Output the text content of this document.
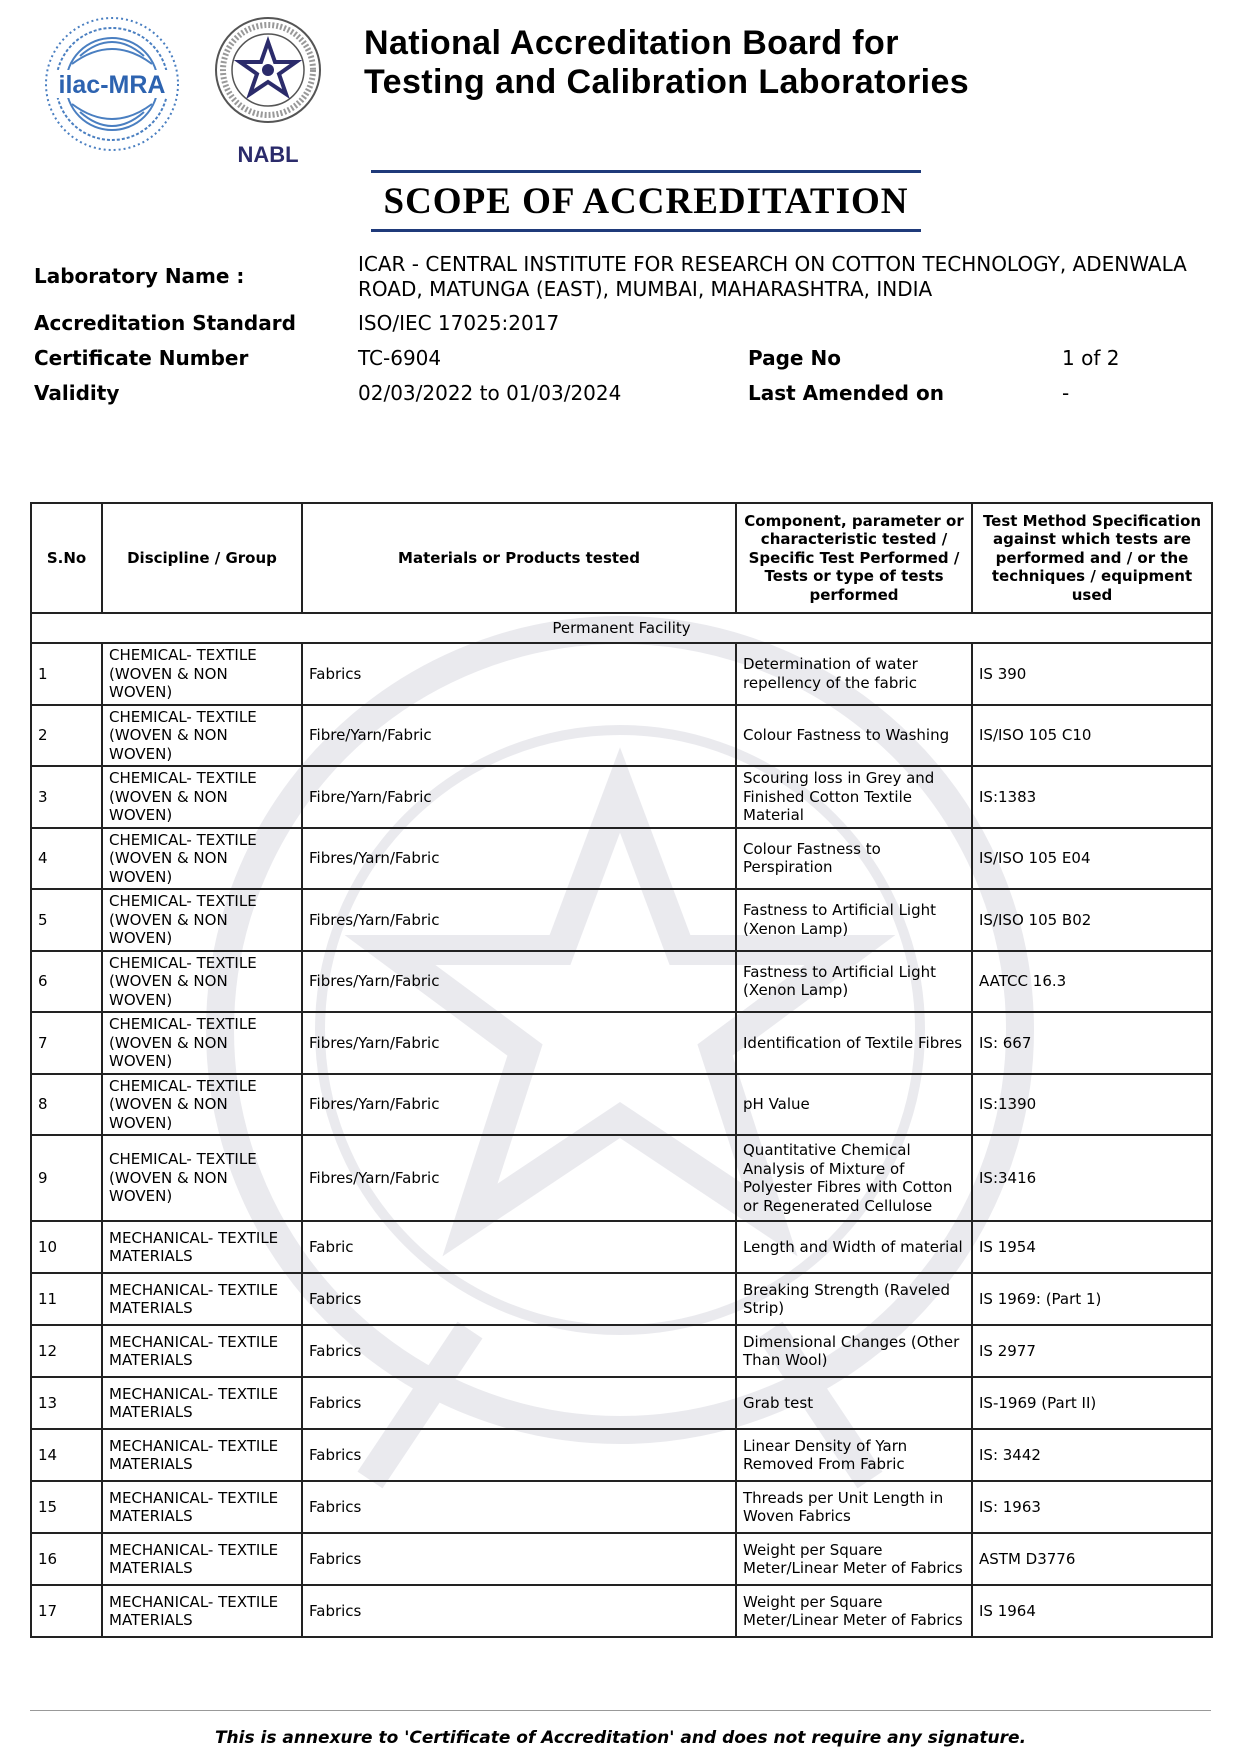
ilac-MRA
NABL
National Accreditation Board for
Testing and Calibration Laboratories
SCOPE OF ACCREDITATION
Laboratory Name :	ICAR - CENTRAL INSTITUTE FOR RESEARCH ON COTTON TECHNOLOGY, ADENWALA
ROAD, MATUNGA (EAST), MUMBAI, MAHARASHTRA, INDIA
Accreditation Standard	ISO/IEC 17025:2017
Certificate Number	TC-6904	Page No	1 of 2
Validity	02/03/2022 to 01/03/2024	Last Amended on	-
S.No	Discipline / Group	Materials or Products tested	Component, parameter or characteristic tested / Specific Test Performed / Tests or type of tests performed	Test Method Specification against which tests are performed and / or the techniques / equipment used
Permanent Facility				
1	CHEMICAL- TEXTILE (WOVEN & NON WOVEN)	Fabrics	Determination of water repellency of the fabric	IS 390
2	CHEMICAL- TEXTILE (WOVEN & NON WOVEN)	Fibre/Yarn/Fabric	Colour Fastness to Washing	IS/ISO 105 C10
3	CHEMICAL- TEXTILE (WOVEN & NON WOVEN)	Fibre/Yarn/Fabric	Scouring loss in Grey and Finished Cotton Textile Material	IS:1383
4	CHEMICAL- TEXTILE (WOVEN & NON WOVEN)	Fibres/Yarn/Fabric	Colour Fastness to Perspiration	IS/ISO 105 E04
5	CHEMICAL- TEXTILE (WOVEN & NON WOVEN)	Fibres/Yarn/Fabric	Fastness to Artificial Light (Xenon Lamp)	IS/ISO 105 B02
6	CHEMICAL- TEXTILE (WOVEN & NON WOVEN)	Fibres/Yarn/Fabric	Fastness to Artificial Light (Xenon Lamp)	AATCC 16.3
7	CHEMICAL- TEXTILE (WOVEN & NON WOVEN)	Fibres/Yarn/Fabric	Identification of Textile Fibres	IS: 667
8	CHEMICAL- TEXTILE (WOVEN & NON WOVEN)	Fibres/Yarn/Fabric	pH Value	IS:1390
9	CHEMICAL- TEXTILE (WOVEN & NON WOVEN)	Fibres/Yarn/Fabric	Quantitative Chemical Analysis of Mixture of Polyester Fibres with Cotton or Regenerated Cellulose	IS:3416
10	MECHANICAL- TEXTILE MATERIALS	Fabric	Length and Width of material	IS 1954
11	MECHANICAL- TEXTILE MATERIALS	Fabrics	Breaking Strength (Raveled Strip)	IS 1969: (Part 1)
12	MECHANICAL- TEXTILE MATERIALS	Fabrics	Dimensional Changes (Other Than Wool)	IS 2977
13	MECHANICAL- TEXTILE MATERIALS	Fabrics	Grab test	IS-1969 (Part II)
14	MECHANICAL- TEXTILE MATERIALS	Fabrics	Linear Density of Yarn Removed From Fabric	IS: 3442
15	MECHANICAL- TEXTILE MATERIALS	Fabrics	Threads per Unit Length in Woven Fabrics	IS: 1963
16	MECHANICAL- TEXTILE MATERIALS	Fabrics	Weight per Square Meter/Linear Meter of Fabrics	ASTM D3776
17	MECHANICAL- TEXTILE MATERIALS	Fabrics	Weight per Square Meter/Linear Meter of Fabrics	IS 1964
This is annexure to 'Certificate of Accreditation' and does not require any signature.
